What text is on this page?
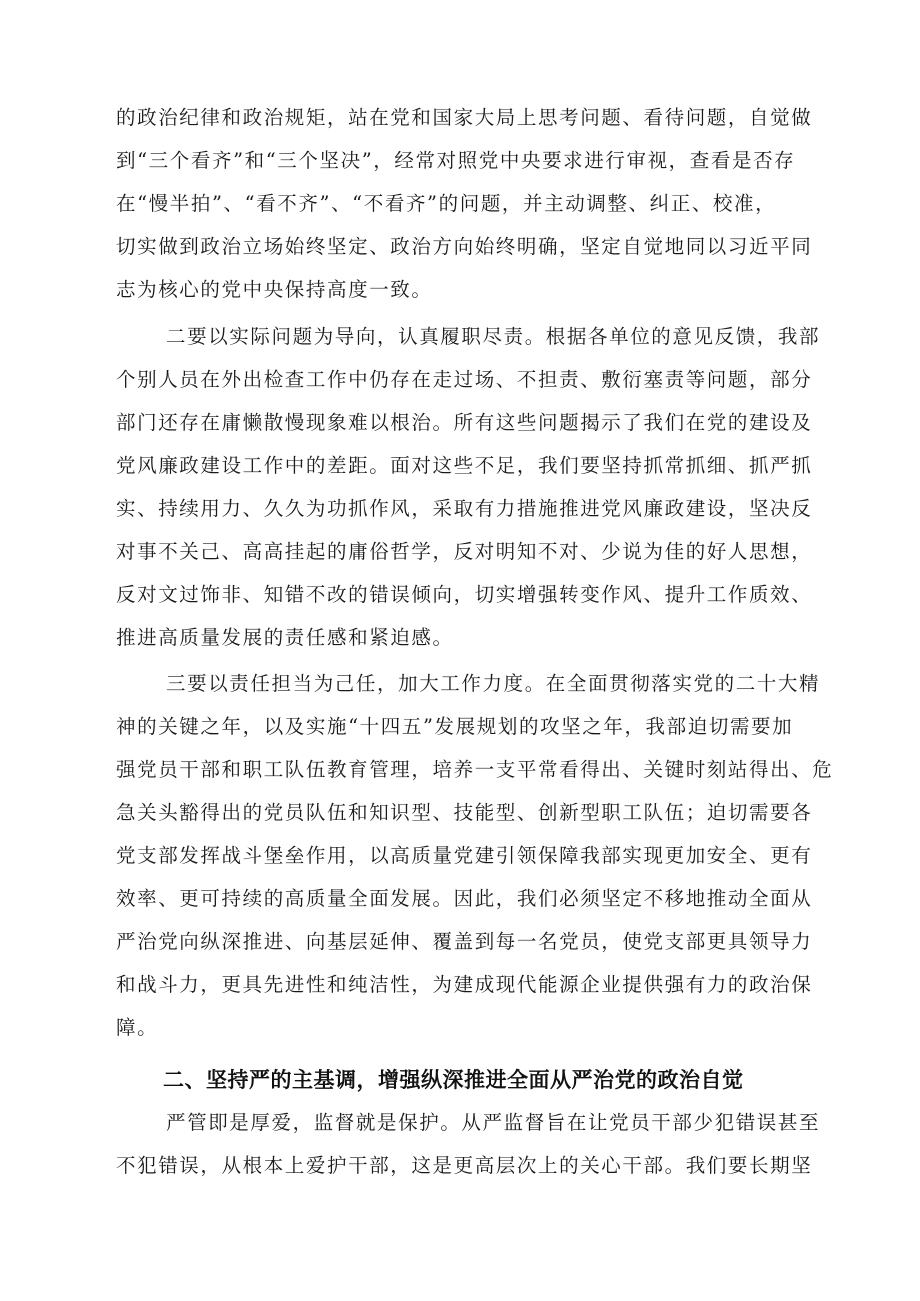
的政治纪律和政治规矩，站在党和国家大局上思考问题、看待问题，自觉做
到“三个看齐”和“三个坚决”，经常对照党中央要求进行审视，查看是否存
在“慢半拍”、“看不齐”、“不看齐”的问题，并主动调整、纠正、校准，
切实做到政治立场始终坚定、政治方向始终明确，坚定自觉地同以习近平同
志为核心的党中央保持高度一致。
二要以实际问题为导向，认真履职尽责。根据各单位的意见反馈，我部
个别人员在外出检查工作中仍存在走过场、不担责、敷衍塞责等问题，部分
部门还存在庸懒散慢现象难以根治。所有这些问题揭示了我们在党的建设及
党风廉政建设工作中的差距。面对这些不足，我们要坚持抓常抓细、抓严抓
实、持续用力、久久为功抓作风，采取有力措施推进党风廉政建设，坚决反
对事不关己、高高挂起的庸俗哲学，反对明知不对、少说为佳的好人思想，
反对文过饰非、知错不改的错误倾向，切实增强转变作风、提升工作质效、
推进高质量发展的责任感和紧迫感。
三要以责任担当为己任，加大工作力度。在全面贯彻落实党的二十大精
神的关键之年，以及实施“十四五”发展规划的攻坚之年，我部迫切需要加
强党员干部和职工队伍教育管理，培养一支平常看得出、关键时刻站得出、危
急关头豁得出的党员队伍和知识型、技能型、创新型职工队伍；迫切需要各
党支部发挥战斗堡垒作用，以高质量党建引领保障我部实现更加安全、更有
效率、更可持续的高质量全面发展。因此，我们必须坚定不移地推动全面从
严治党向纵深推进、向基层延伸、覆盖到每一名党员，使党支部更具领导力
和战斗力，更具先进性和纯洁性，为建成现代能源企业提供强有力的政治保
障。
二、坚持严的主基调，增强纵深推进全面从严治党的政治自觉
严管即是厚爱，监督就是保护。从严监督旨在让党员干部少犯错误甚至
不犯错误，从根本上爱护干部，这是更高层次上的关心干部。我们要长期坚
